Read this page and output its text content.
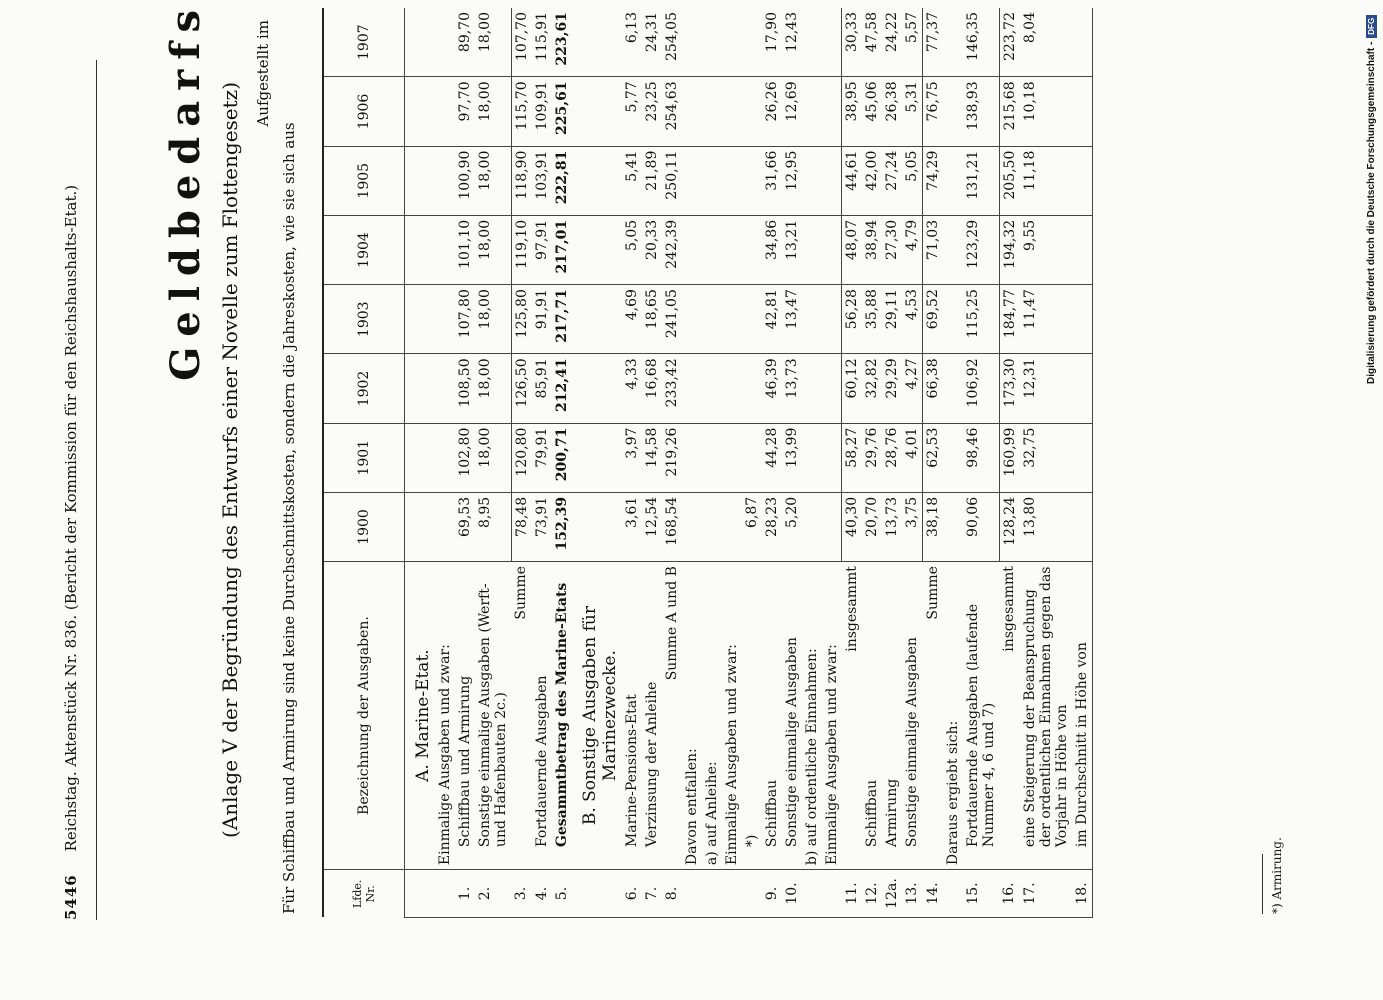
5446 Reichstag. Aktenstück Nr. 836. (Bericht der Kommission für den Reichshaushalts-Etat.) Geldbedarfs (Anlage V der Begründung des Entwurfs einer Novelle zum Flottengesetz)
Aufgestellt im
Für Schiffbau und Armirung sind keine Durchschnittskosten, sondern die Jahreskosten, wie sie sich aus	Lfde. Nr.	Bezeichnung der Ausgaben.	1900	1901	1902	1903	1904	1905	1906	1907
	A. Marine-Etat.								
	Einmalige Ausgaben und zwar:								
1.	Schiffbau und Armirung	69,53	102,80	108,50	107,80	101,10	100,90	97,70	89,70
2.	Sonstige einmalige Ausgaben (Werft- und Hafenbauten 2c.)	8,95	18,00	18,00	18,00	18,00	18,00	18,00	18,00
3.	Summe	78,48	120,80	126,50	125,80	119,10	118,90	115,70	107,70
4.	Fortdauernde Ausgaben	73,91	79,91	85,91	91,91	97,91	103,91	109,91	115,91
5.	Gesammtbetrag des Marine-Etats	152,39	200,71	212,41	217,71	217,01	222,81	225,61	223,61
	B. Sonstige Ausgaben für Marinezwecke.								
6.	Marine-Pensions-Etat	3,61	3,97	4,33	4,69	5,05	5,41	5,77	6,13
7.	Verzinsung der Anleihe	12,54	14,58	16,68	18,65	20,33	21,89	23,25	24,31
8.	Summe A und B	168,54	219,26	233,42	241,05	242,39	250,11	254,63	254,05
	Davon entfallen:								
	a) auf Anleihe:								
	Einmalige Ausgaben und zwar:								
	*)	6,87							
9.	Schiffbau	28,23	44,28	46,39	42,81	34,86	31,66	26,26	17,90
10.	Sonstige einmalige Ausgaben	5,20	13,99	13,73	13,47	13,21	12,95	12,69	12,43
	b) auf ordentliche Einnahmen:								
	Einmalige Ausgaben und zwar:								
11.	insgesammt	40,30	58,27	60,12	56,28	48,07	44,61	38,95	30,33
12.	Schiffbau	20,70	29,76	32,82	35,88	38,94	42,00	45,06	47,58
12a.	Armirung	13,73	28,76	29,29	29,11	27,30	27,24	26,38	24,22
13.	Sonstige einmalige Ausgaben	3,75	4,01	4,27	4,53	4,79	5,05	5,31	5,57
14.	Summe	38,18	62,53	66,38	69,52	71,03	74,29	76,75	77,37
	Daraus ergiebt sich:								
15.	Fortdauernde Ausgaben (laufende Nummer 4, 6 und 7)	90,06	98,46	106,92	115,25	123,29	131,21	138,93	146,35
16.	insgesammt	128,24	160,99	173,30	184,77	194,32	205,50	215,68	223,72
17.	eine Steigerung der Beanspruchung der ordentlichen Einnahmen gegen das Vorjahr in Höhe von	13,80	32,75	12,31	11,47	9,55	11,18	10,18	8,04
18.	im Durchschnitt in Höhe von								
*) Armirung.
Digitalisierung gefördert durch die Deutsche Forschungsgemeinschaft -DFG
